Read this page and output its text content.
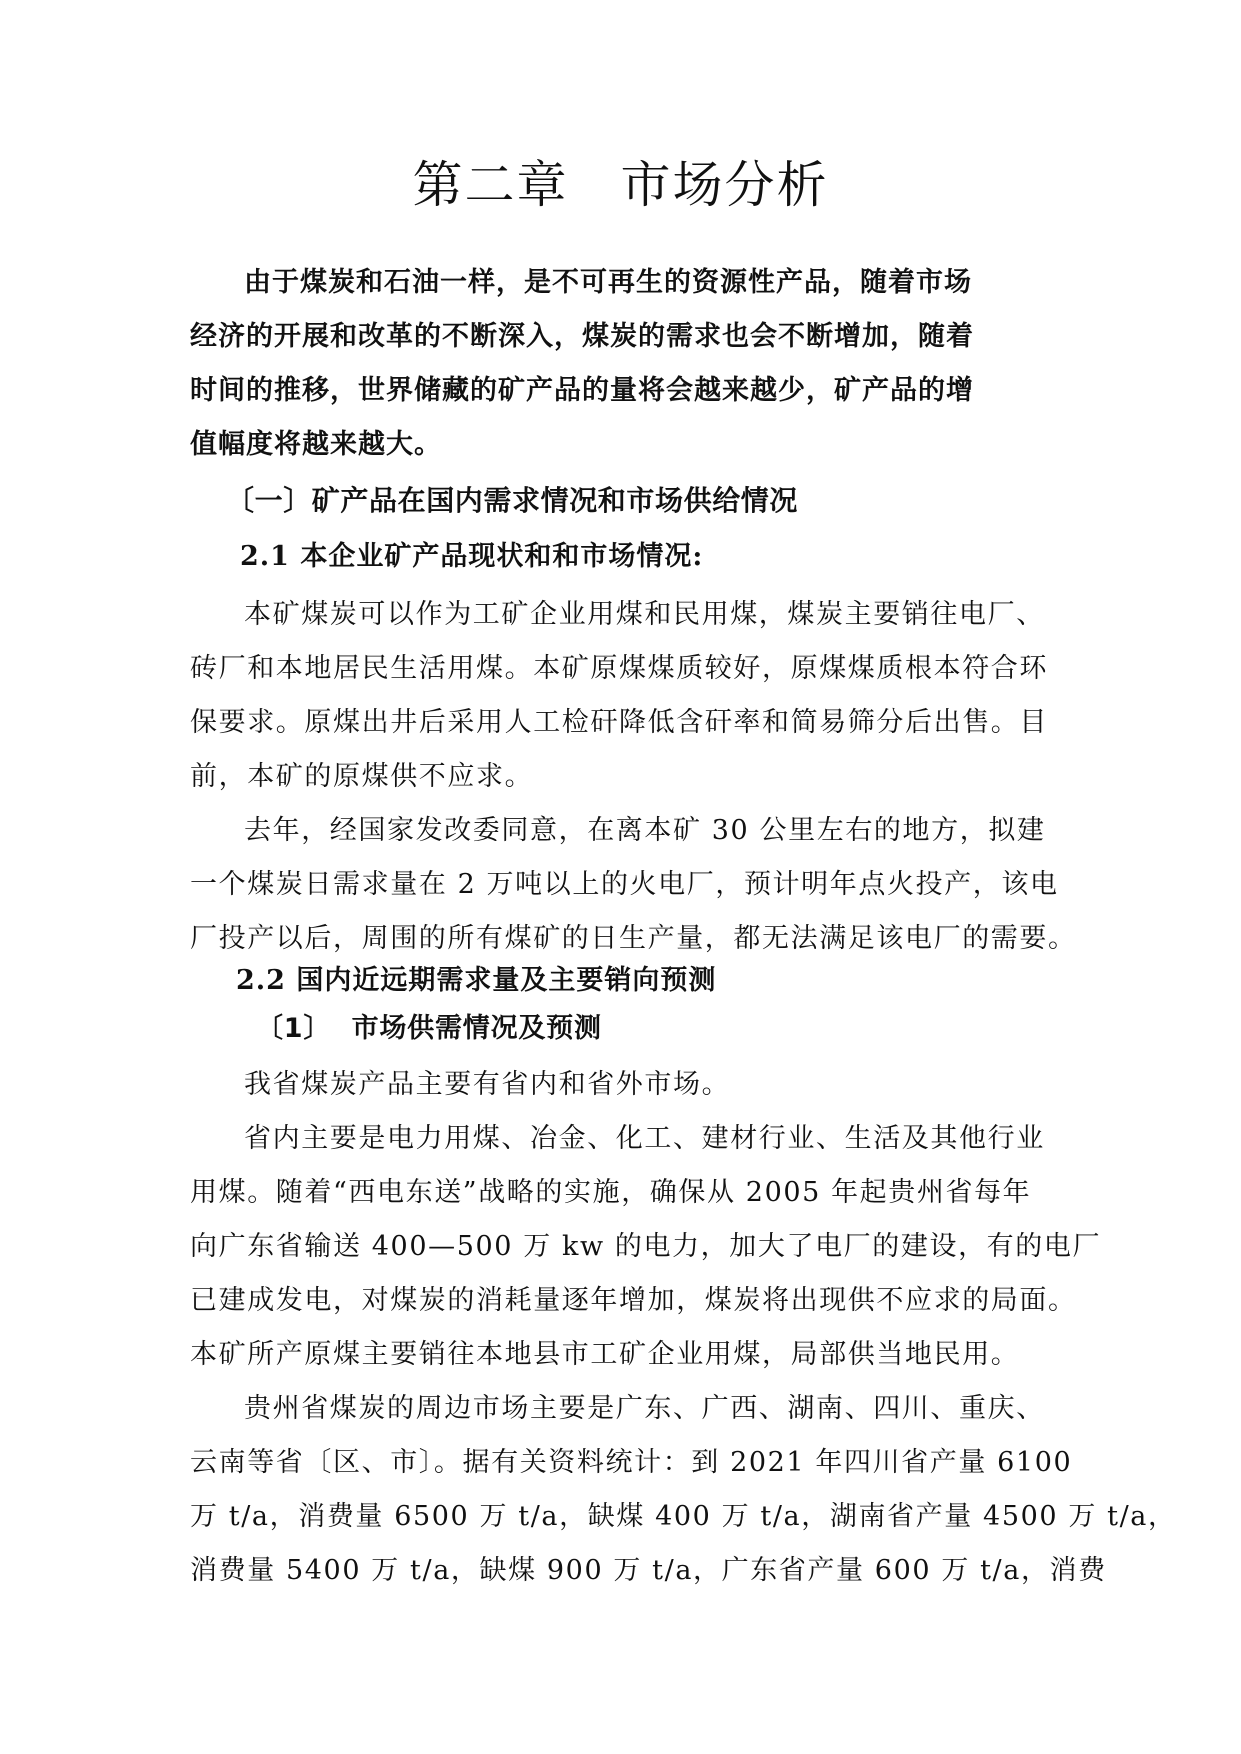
第二章　市场分析
由于煤炭和石油一样，是不可再生的资源性产品，随着市场
经济的开展和改革的不断深入，煤炭的需求也会不断增加，随着
时间的推移，世界储藏的矿产品的量将会越来越少，矿产品的增
值幅度将越来越大。
〔一〕矿产品在国内需求情况和市场供给情况
2.1 本企业矿产品现状和和市场情况:
本矿煤炭可以作为工矿企业用煤和民用煤，煤炭主要销往电厂、
砖厂和本地居民生活用煤。本矿原煤煤质较好，原煤煤质根本符合环
保要求。原煤出井后采用人工检矸降低含矸率和简易筛分后出售。目
前，本矿的原煤供不应求。
去年，经国家发改委同意，在离本矿 30 公里左右的地方，拟建
一个煤炭日需求量在 2 万吨以上的火电厂，预计明年点火投产，该电
厂投产以后，周围的所有煤矿的日生产量，都无法满足该电厂的需要。
2.2 国内近远期需求量及主要销向预测
〔1〕  市场供需情况及预测
我省煤炭产品主要有省内和省外市场。
省内主要是电力用煤、冶金、化工、建材行业、生活及其他行业
用煤。随着“西电东送”战略的实施，确保从 2005 年起贵州省每年
向广东省输送 400—500 万 kw 的电力，加大了电厂的建设，有的电厂
已建成发电，对煤炭的消耗量逐年增加，煤炭将出现供不应求的局面。
本矿所产原煤主要销往本地县市工矿企业用煤，局部供当地民用。
贵州省煤炭的周边市场主要是广东、广西、湖南、四川、重庆、
云南等省〔区、市〕。据有关资料统计：到 2021 年四川省产量 6100
万 t/a，消费量 6500 万 t/a，缺煤 400 万 t/a，湖南省产量 4500 万 t/a，
消费量 5400 万 t/a，缺煤 900 万 t/a，广东省产量 600 万 t/a，消费
